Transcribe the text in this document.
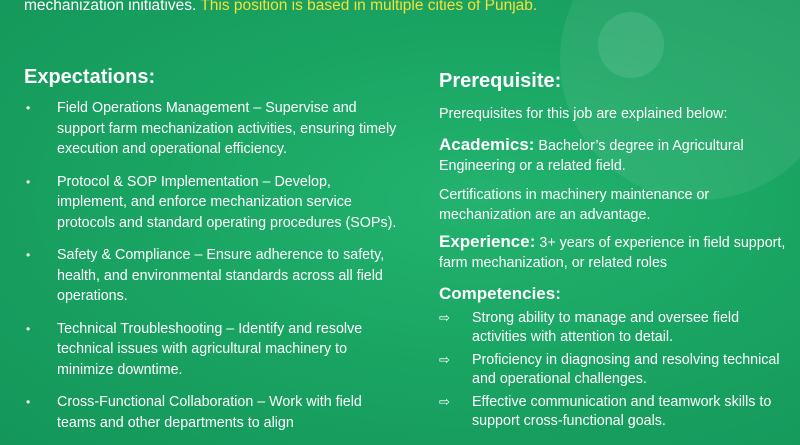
mechanization initiatives. This position is based in multiple cities of Punjab.
Expectations:
• Field Operations Management – Supervise and support farm mechanization activities, ensuring timely execution and operational efficiency.
• Protocol & SOP Implementation – Develop, implement, and enforce mechanization service protocols and standard operating procedures (SOPs).
• Safety & Compliance – Ensure adherence to safety, health, and environmental standards across all field operations.
• Technical Troubleshooting – Identify and resolve technical issues with agricultural machinery to minimize downtime.
• Cross-Functional Collaboration – Work with field teams and other departments to align
Prerequisite:

Prerequisites for this job are explained below:

Academics: Bachelor’s degree in Agricultural Engineering or a related field.

Certifications in machinery maintenance or mechanization are an advantage.

Experience: 3+ years of experience in field support, farm mechanization, or related roles

Competencies:
⇨ Strong ability to manage and oversee field activities with attention to detail.
⇨ Proficiency in diagnosing and resolving technical and operational challenges.
⇨ Effective communication and teamwork skills to support cross-functional goals.
